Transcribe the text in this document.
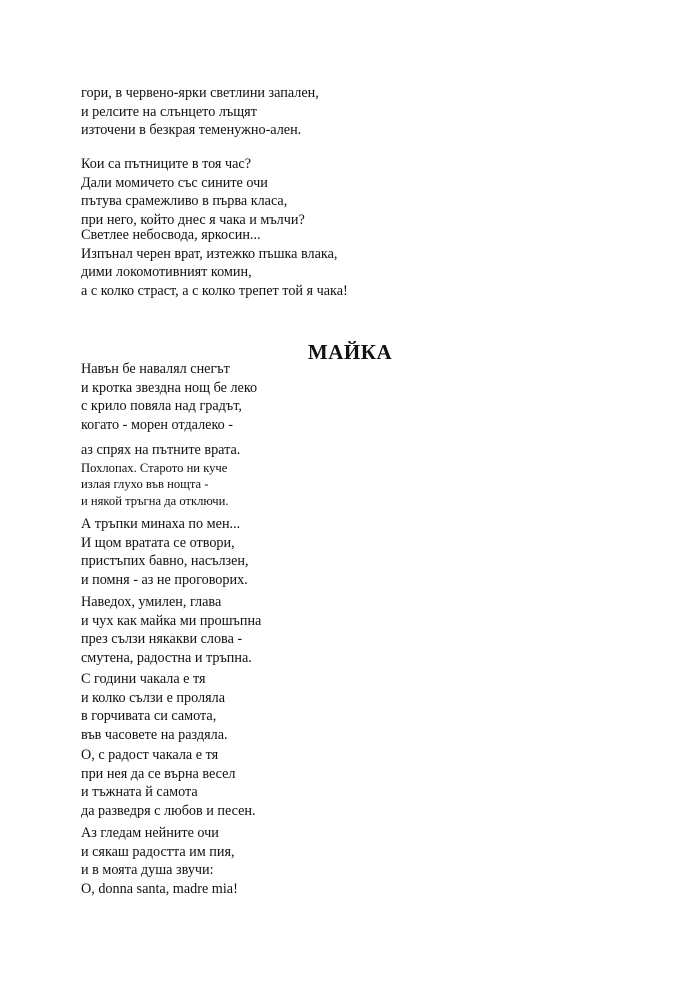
гори, в червено-ярки светлини запален,
и релсите на слънцето лъщят
източени в безкрая теменужно-ален.
Кои са пътниците в тоя час?
Дали момичето със сините очи
пътува срамежливо в първа класа,
при него, който днес я чака и мълчи?
Светлее небосвода, яркосин...
Изпънал черен врат, изтежко пъшка влака,
дими локомотивният комин,
а с колко страст, а с колко трепет той я чака!
МАЙКА
Навън бе навалял снегът
и кротка звездна нощ бе леко
с крило повяла над градът,
когато - морен отдалеко -
аз спрях на пътните врата.
Похлопах. Старото ни куче
излая глухо във нощта -
и някой тръгна да отключи.
А тръпки минаха по мен...
И щом вратата се отвори,
пристъпих бавно, насълзен,
и помня - аз не проговорих.
Наведох, умилен, глава
и чух как майка ми прошъпна
през сълзи някакви слова -
смутена, радостна и тръпна.
С години чакала е тя
и колко сълзи е проляла
в горчивата си самота,
във часовете на раздяла.
О, с радост чакала е тя
при нея да се върна весел
и тъжната й самота
да разведря с любов и песен.
Аз гледам нейните очи
и сякаш радостта им пия,
и в моята душа звучи:
O, donna santa, madre mia!
